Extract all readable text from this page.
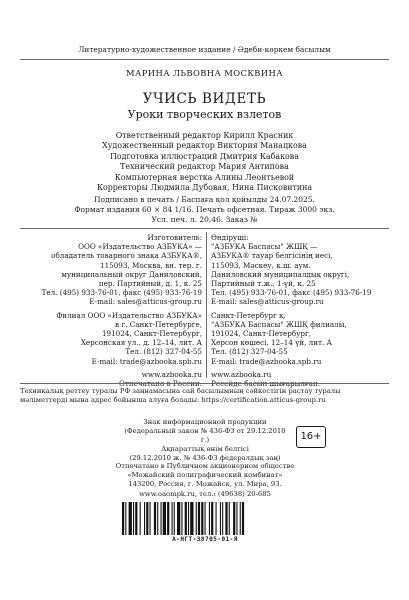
Литературно-художественное издание / Әдеби-көркем басылым
МАРИНА ЛЬВОВНА МОСКВИНА
УЧИСЬ ВИДЕТЬ
Уроки творческих взлетов
Ответственный редактор Кирилл Красник
Художественный редактор Виктория Манацкова
Подготовка иллюстраций Дмитрия Кабакова
Технический редактор Мария Антипова
Компьютерная верстка Алины Леонтьевой
Корректоры Людмила Дубовая, Нина Писковитина
Подписано в печать / Баспаға қол қойылды 24.07.2025.
Формат издания 60 × 84 1/16. Печать офсетная. Тираж 3000 экз.
Усл. печ. л. 20,46. Заказ №
Изготовитель:
ООО «Издательство АЗБУКА» —
обладатель товарного знака АЗБУКА®,
115093, Москва, вн. тер. г.
муниципальный округ Даниловский,
пер. Партийный, д. 1, к. 25
Тел. (495) 933-76-01, факс (495) 933-76-19
E-mail: sales@atticus-group.ru
Филиал ООО «Издательство АЗБУКА»
в г. Санкт-Петербурге,
191024, Санкт-Петербург,
Херсонская ул., д. 12–14, лит. А
Тел. (812) 327-04-55
E-mail: trade@azbooka.spb.ru
www.azbooka.ru
Отпечатано в России.
Өндіруші:
"АЗБУКА Баспасы" ЖШҚ —
АЗБУКА® тауар белгісінің иесі,
115093, Мәскеу, к.ш. аум.
Даниловский муниципалдық округі,
Партийный т.ж., 1-үй, к. 25
Тел. (495) 933-76-01, факс (495) 933-76-19
E-mail: sales@atticus-group.ru
Санкт-Петербург қ.
"АЗБУКА Баспасы" ЖШҚ филиалы,
191024, Санкт-Петербург,
Херсон көшесі, 12–14 үй, лит. А
Тел. (812) 327-04-55
E-mail: trade@azbooka.spb.ru
www.azbooka.ru
Ресейде басып шығарылған.
Техникалық реттеу туралы РФ заңнамасына сай басылымның сәйкестігін растау туралы
мәліметтерді мына адрес бойынша алуға болады: https://certification.atticus-group.ru
Знак информационной продукции
(Федеральный закон № 436-ФЗ от 29.12.2010 г.)
Ақпараттық өнім белгісі
(29.12.2010 ж. № 436-ФЗ федералдық заң)
16+
Отпечатано в Публичном акционерном обществе
«Можайский полиграфический комбинат»
143200, Россия, г. Можайск, ул. Мира, 93.
www.oaompk.ru, тел.: (49638) 20-685
А-НГТ-38705-01-Я
